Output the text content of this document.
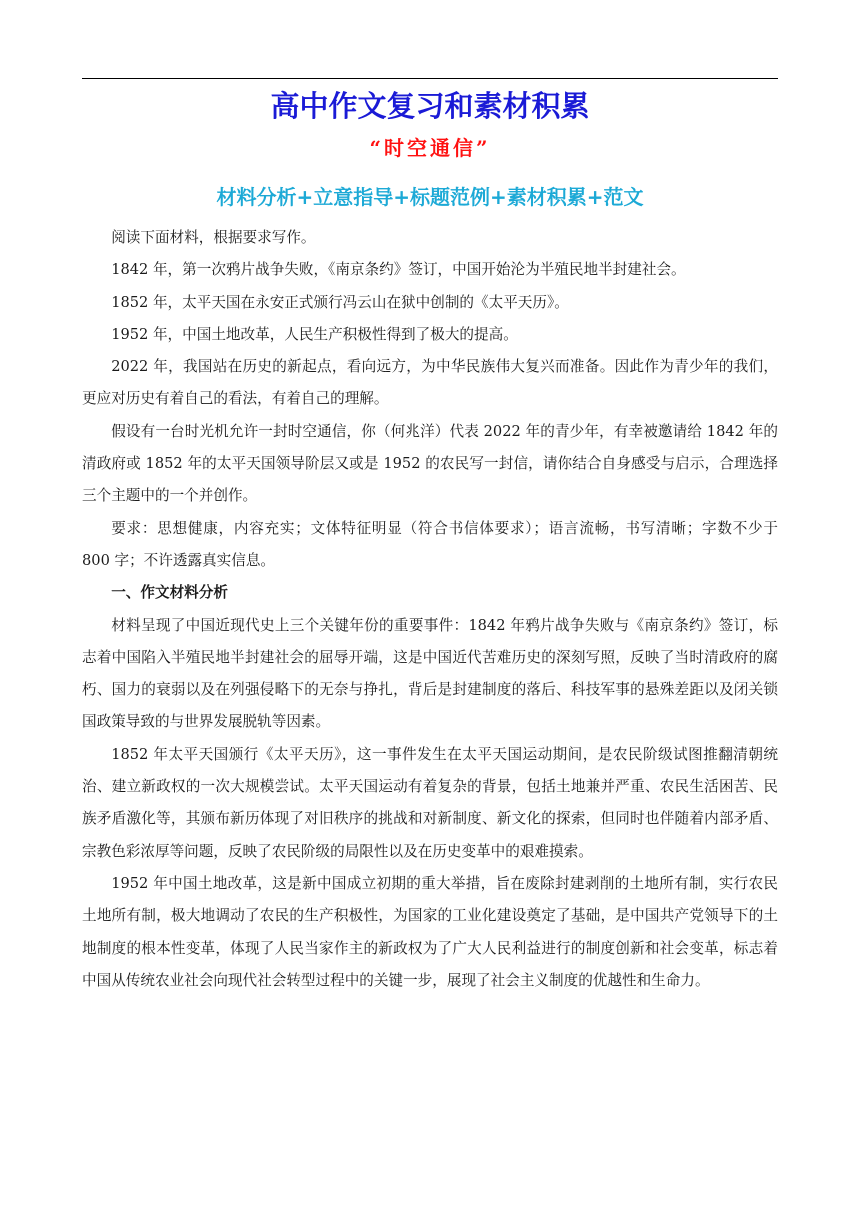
高中作文复习和素材积累
“时空通信”
材料分析+立意指导+标题范例+素材积累+范文

阅读下面材料，根据要求写作。

1842 年，第一次鸦片战争失败，《南京条约》签订，中国开始沦为半殖民地半封建社会。

1852 年，太平天国在永安正式颁行冯云山在狱中创制的《太平天历》。

1952 年，中国土地改革，人民生产积极性得到了极大的提高。

2022 年，我国站在历史的新起点，看向远方，为中华民族伟大复兴而准备。因此作为青少年的我们，更应对历史有着自己的看法，有着自己的理解。

假设有一台时光机允许一封时空通信，你（何兆洋）代表 2022 年的青少年，有幸被邀请给 1842 年的清政府或 1852 年的太平天国领导阶层又或是 1952 的农民写一封信，请你结合自身感受与启示，合理选择三个主题中的一个并创作。

要求：思想健康，内容充实；文体特征明显（符合书信体要求）；语言流畅，书写清晰；字数不少于 800 字；不许透露真实信息。

一、作文材料分析

材料呈现了中国近现代史上三个关键年份的重要事件：1842 年鸦片战争失败与《南京条约》签订，标志着中国陷入半殖民地半封建社会的屈辱开端，这是中国近代苦难历史的深刻写照，反映了当时清政府的腐朽、国力的衰弱以及在列强侵略下的无奈与挣扎，背后是封建制度的落后、科技军事的悬殊差距以及闭关锁国政策导致的与世界发展脱轨等因素。

1852 年太平天国颁行《太平天历》，这一事件发生在太平天国运动期间，是农民阶级试图推翻清朝统治、建立新政权的一次大规模尝试。太平天国运动有着复杂的背景，包括土地兼并严重、农民生活困苦、民族矛盾激化等，其颁布新历体现了对旧秩序的挑战和对新制度、新文化的探索，但同时也伴随着内部矛盾、宗教色彩浓厚等问题，反映了农民阶级的局限性以及在历史变革中的艰难摸索。

1952 年中国土地改革，这是新中国成立初期的重大举措，旨在废除封建剥削的土地所有制，实行农民土地所有制，极大地调动了农民的生产积极性，为国家的工业化建设奠定了基础，是中国共产党领导下的土地制度的根本性变革，体现了人民当家作主的新政权为了广大人民利益进行的制度创新和社会变革，标志着中国从传统农业社会向现代社会转型过程中的关键一步，展现了社会主义制度的优越性和生命力。
